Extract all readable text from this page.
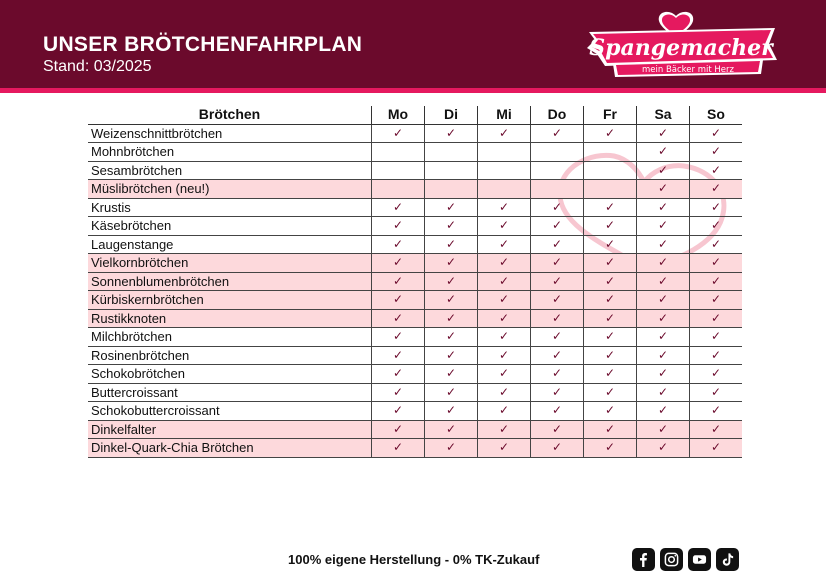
UNSER BRÖTCHENFAHRPLAN
Stand: 03/2025
Spangemacher
mein Bäcker mit Herz
Brötchen	Mo	Di	Mi	Do	Fr	Sa	So
Weizenschnittbrötchen	✓	✓	✓	✓	✓	✓	✓
Mohnbrötchen						✓	✓
Sesambrötchen						✓	✓
Müslibrötchen (neu!)						✓	✓
Krustis	✓	✓	✓	✓	✓	✓	✓
Käsebrötchen	✓	✓	✓	✓	✓	✓	✓
Laugenstange	✓	✓	✓	✓	✓	✓	✓
Vielkornbrötchen	✓	✓	✓	✓	✓	✓	✓
Sonnenblumenbrötchen	✓	✓	✓	✓	✓	✓	✓
Kürbiskernbrötchen	✓	✓	✓	✓	✓	✓	✓
Rustikknoten	✓	✓	✓	✓	✓	✓	✓
Milchbrötchen	✓	✓	✓	✓	✓	✓	✓
Rosinenbrötchen	✓	✓	✓	✓	✓	✓	✓
Schokobrötchen	✓	✓	✓	✓	✓	✓	✓
Buttercroissant	✓	✓	✓	✓	✓	✓	✓
Schokobuttercroissant	✓	✓	✓	✓	✓	✓	✓
Dinkelfalter	✓	✓	✓	✓	✓	✓	✓
Dinkel-Quark-Chia Brötchen	✓	✓	✓	✓	✓	✓	✓
100% eigene Herstellung - 0% TK-Zukauf
